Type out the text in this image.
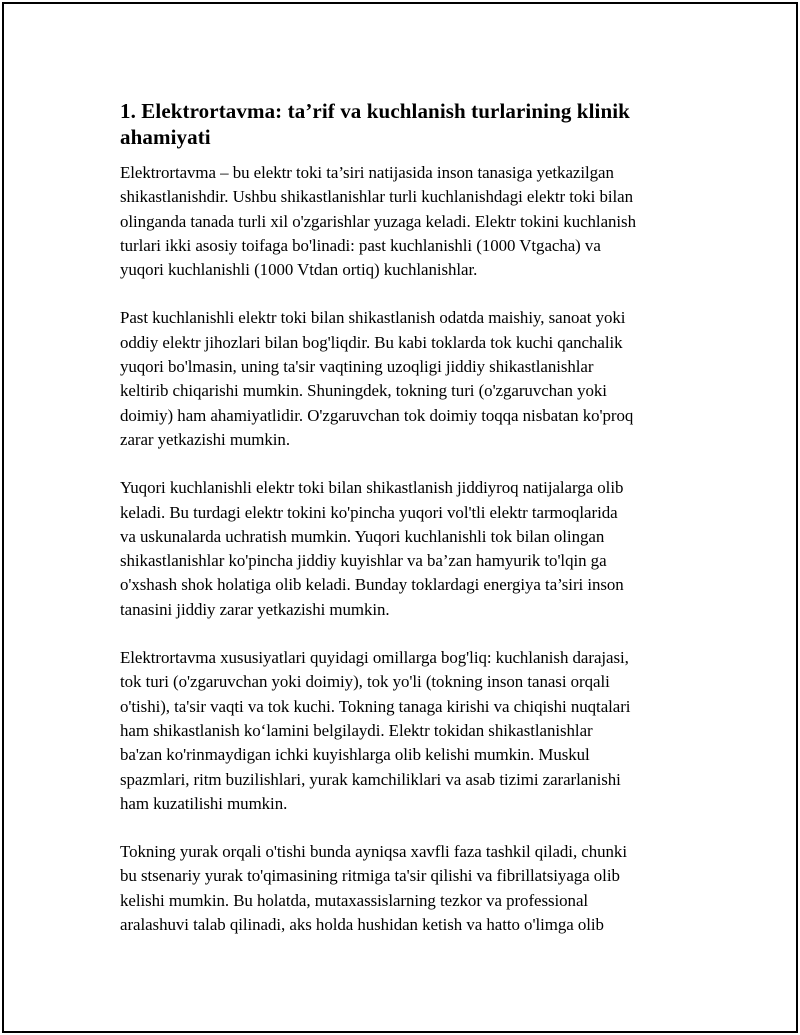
1. Elektrortavma: ta’rif va kuchlanish turlarining klinik ahamiyati

Elektrortavma – bu elektr toki ta’siri natijasida inson tanasiga yetkazilgan
shikastlanishdir. Ushbu shikastlanishlar turli kuchlanishdagi elektr toki bilan
olinganda tanada turli xil o'zgarishlar yuzaga keladi. Elektr tokini kuchlanish
turlari ikki asosiy toifaga bo'linadi: past kuchlanishli (1000 Vtgacha) va
yuqori kuchlanishli (1000 Vtdan ortiq) kuchlanishlar.

Past kuchlanishli elektr toki bilan shikastlanish odatda maishiy, sanoat yoki
oddiy elektr jihozlari bilan bog'liqdir. Bu kabi toklarda tok kuchi qanchalik
yuqori bo'lmasin, uning ta'sir vaqtining uzoqligi jiddiy shikastlanishlar
keltirib chiqarishi mumkin. Shuningdek, tokning turi (o'zgaruvchan yoki
doimiy) ham ahamiyatlidir. O'zgaruvchan tok doimiy toqqa nisbatan ko'proq
zarar yetkazishi mumkin.

Yuqori kuchlanishli elektr toki bilan shikastlanish jiddiyroq natijalarga olib
keladi. Bu turdagi elektr tokini ko'pincha yuqori vol'tli elektr tarmoqlarida
va uskunalarda uchratish mumkin. Yuqori kuchlanishli tok bilan olingan
shikastlanishlar ko'pincha jiddiy kuyishlar va ba’zan hamyurik to'lqin ga
o'xshash shok holatiga olib keladi. Bunday toklardagi energiya ta’siri inson
tanasini jiddiy zarar yetkazishi mumkin.

Elektrortavma xususiyatlari quyidagi omillarga bog'liq: kuchlanish darajasi,
tok turi (o'zgaruvchan yoki doimiy), tok yo'li (tokning inson tanasi orqali
o'tishi), ta'sir vaqti va tok kuchi. Tokning tanaga kirishi va chiqishi nuqtalari
ham shikastlanish ko‘lamini belgilaydi. Elektr tokidan shikastlanishlar
ba'zan ko'rinmaydigan ichki kuyishlarga olib kelishi mumkin. Muskul
spazmlari, ritm buzilishlari, yurak kamchiliklari va asab tizimi zararlanishi
ham kuzatilishi mumkin.

Tokning yurak orqali o'tishi bunda ayniqsa xavfli faza tashkil qiladi, chunki
bu stsenariy yurak to'qimasining ritmiga ta'sir qilishi va fibrillatsiyaga olib
kelishi mumkin. Bu holatda, mutaxassislarning tezkor va professional
aralashuvi talab qilinadi, aks holda hushidan ketish va hatto o'limga olib
